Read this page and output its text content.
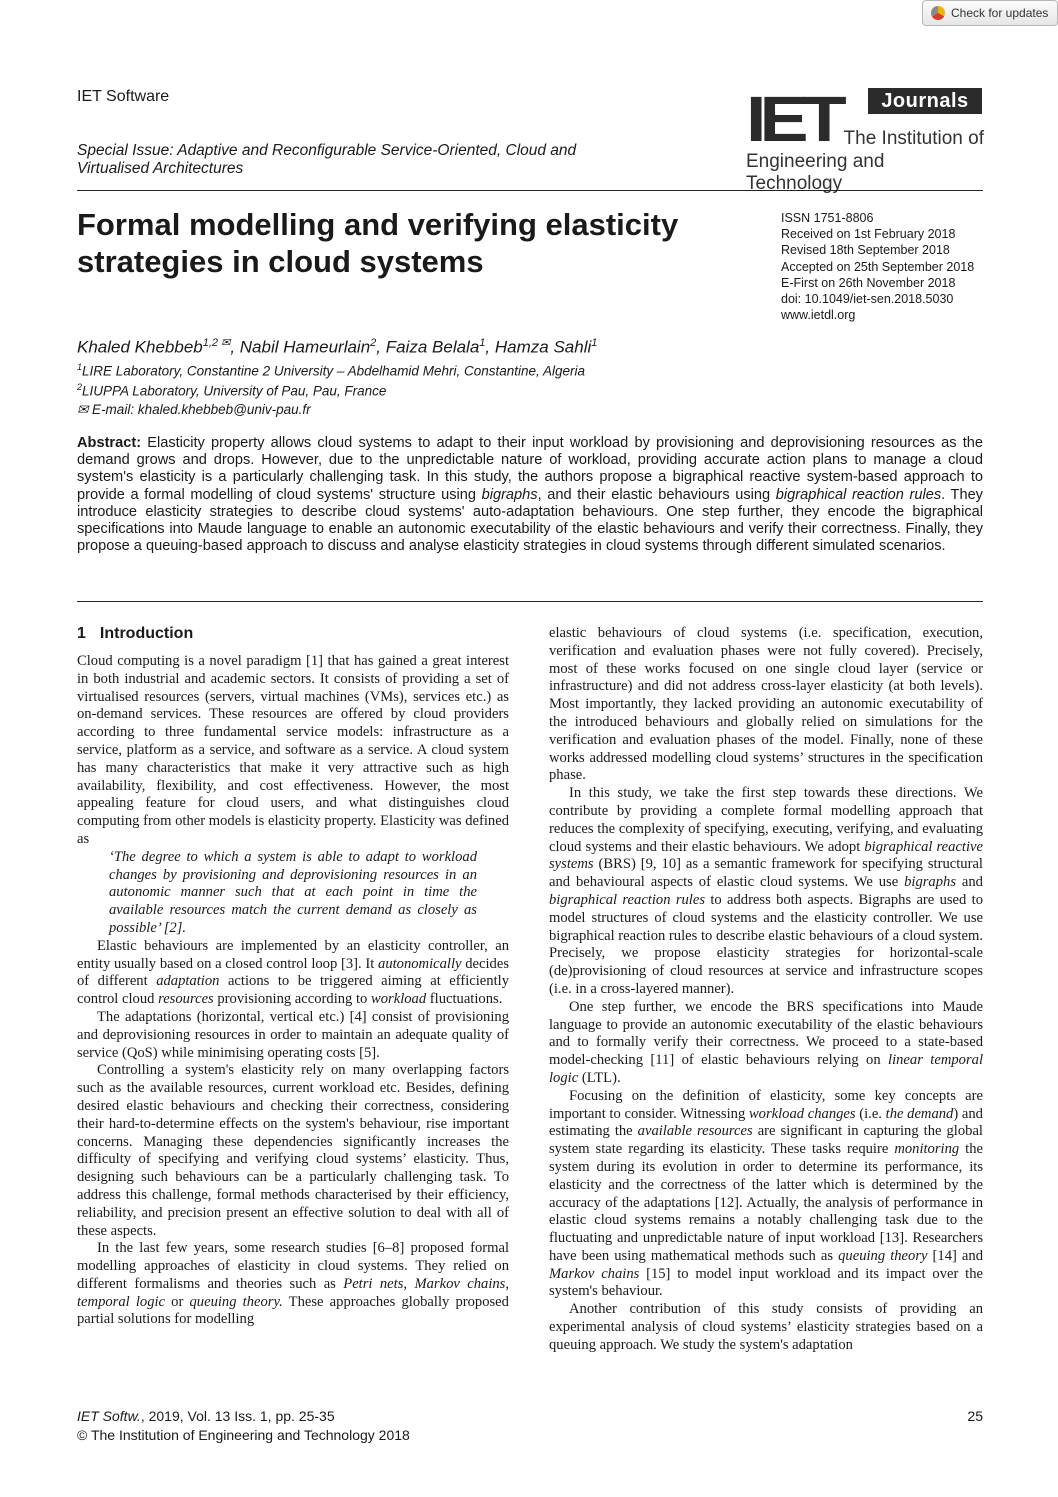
Check for updates
IET Software
Special Issue: Adaptive and Reconfigurable Service-Oriented, Cloud and Virtualised Architectures
IET	Journals
The Institution of
Engineering and Technology
Formal modelling and verifying elasticity strategies in cloud systems
ISSN 1751-8806
Received on 1st February 2018
Revised 18th September 2018
Accepted on 25th September 2018
E-First on 26th November 2018
doi: 10.1049/iet-sen.2018.5030
www.ietdl.org
Khaled Khebbeb$^{1,2 ✉}$, Nabil Hameurlain$^2$, Faiza Belala$^1$, Hamza Sahli$^1$
$^1$LIRE Laboratory, Constantine 2 University – Abdelhamid Mehri, Constantine, Algeria
$^2$LIUPPA Laboratory, University of Pau, Pau, France
✉ E-mail: khaled.khebbeb@univ-pau.fr
Abstract: Elasticity property allows cloud systems to adapt to their input workload by provisioning and deprovisioning resources as the demand grows and drops. However, due to the unpredictable nature of workload, providing accurate action plans to manage a cloud system's elasticity is a particularly challenging task. In this study, the authors propose a bigraphical reactive system-based approach to provide a formal modelling of cloud systems' structure using bigraphs, and their elastic behaviours using bigraphical reaction rules. They introduce elasticity strategies to describe cloud systems' auto-adaptation behaviours. One step further, they encode the bigraphical specifications into Maude language to enable an autonomic executability of the elastic behaviours and verify their correctness. Finally, they propose a queuing-based approach to discuss and analyse elasticity strategies in cloud systems through different simulated scenarios.
1 Introduction

Cloud computing is a novel paradigm [1] that has gained a great interest in both industrial and academic sectors. It consists of providing a set of virtualised resources (servers, virtual machines (VMs), services etc.) as on-demand services. These resources are offered by cloud providers according to three fundamental service models: infrastructure as a service, platform as a service, and software as a service. A cloud system has many characteristics that make it very attractive such as high availability, flexibility, and cost effectiveness. However, the most appealing feature for cloud users, and what distinguishes cloud computing from other models is elasticity property. Elasticity was defined as

‘The degree to which a system is able to adapt to workload changes by provisioning and deprovisioning resources in an autonomic manner such that at each point in time the available resources match the current demand as closely as possible’ [2].

Elastic behaviours are implemented by an elasticity controller, an entity usually based on a closed control loop [3]. It autonomically decides of different adaptation actions to be triggered aiming at efficiently control cloud resources provisioning according to workload fluctuations.

The adaptations (horizontal, vertical etc.) [4] consist of provisioning and deprovisioning resources in order to maintain an adequate quality of service (QoS) while minimising operating costs [5].

Controlling a system's elasticity rely on many overlapping factors such as the available resources, current workload etc. Besides, defining desired elastic behaviours and checking their correctness, considering their hard-to-determine effects on the system's behaviour, rise important concerns. Managing these dependencies significantly increases the difficulty of specifying and verifying cloud systems’ elasticity. Thus, designing such behaviours can be a particularly challenging task. To address this challenge, formal methods characterised by their efficiency, reliability, and precision present an effective solution to deal with all of these aspects.

In the last few years, some research studies [6–8] proposed formal modelling approaches of elasticity in cloud systems. They relied on different formalisms and theories such as Petri nets, Markov chains, temporal logic or queuing theory. These approaches globally proposed partial solutions for modelling

elastic behaviours of cloud systems (i.e. specification, execution, verification and evaluation phases were not fully covered). Precisely, most of these works focused on one single cloud layer (service or infrastructure) and did not address cross-layer elasticity (at both levels). Most importantly, they lacked providing an autonomic executability of the introduced behaviours and globally relied on simulations for the verification and evaluation phases of the model. Finally, none of these works addressed modelling cloud systems’ structures in the specification phase.

In this study, we take the first step towards these directions. We contribute by providing a complete formal modelling approach that reduces the complexity of specifying, executing, verifying, and evaluating cloud systems and their elastic behaviours. We adopt bigraphical reactive systems (BRS) [9, 10] as a semantic framework for specifying structural and behavioural aspects of elastic cloud systems. We use bigraphs and bigraphical reaction rules to address both aspects. Bigraphs are used to model structures of cloud systems and the elasticity controller. We use bigraphical reaction rules to describe elastic behaviours of a cloud system. Precisely, we propose elasticity strategies for horizontal-scale (de)provisioning of cloud resources at service and infrastructure scopes (i.e. in a cross-layered manner).

One step further, we encode the BRS specifications into Maude language to provide an autonomic executability of the elastic behaviours and to formally verify their correctness. We proceed to a state-based model-checking [11] of elastic behaviours relying on linear temporal logic (LTL).

Focusing on the definition of elasticity, some key concepts are important to consider. Witnessing workload changes (i.e. the demand) and estimating the available resources are significant in capturing the global system state regarding its elasticity. These tasks require monitoring the system during its evolution in order to determine its performance, its elasticity and the correctness of the latter which is determined by the accuracy of the adaptations [12]. Actually, the analysis of performance in elastic cloud systems remains a notably challenging task due to the fluctuating and unpredictable nature of input workload [13]. Researchers have been using mathematical methods such as queuing theory [14] and Markov chains [15] to model input workload and its impact over the system's behaviour.

Another contribution of this study consists of providing an experimental analysis of cloud systems’ elasticity strategies based on a queuing approach. We study the system's adaptation

IET Softw., 2019, Vol. 13 Iss. 1, pp. 25-35
© The Institution of Engineering and Technology 2018
25
